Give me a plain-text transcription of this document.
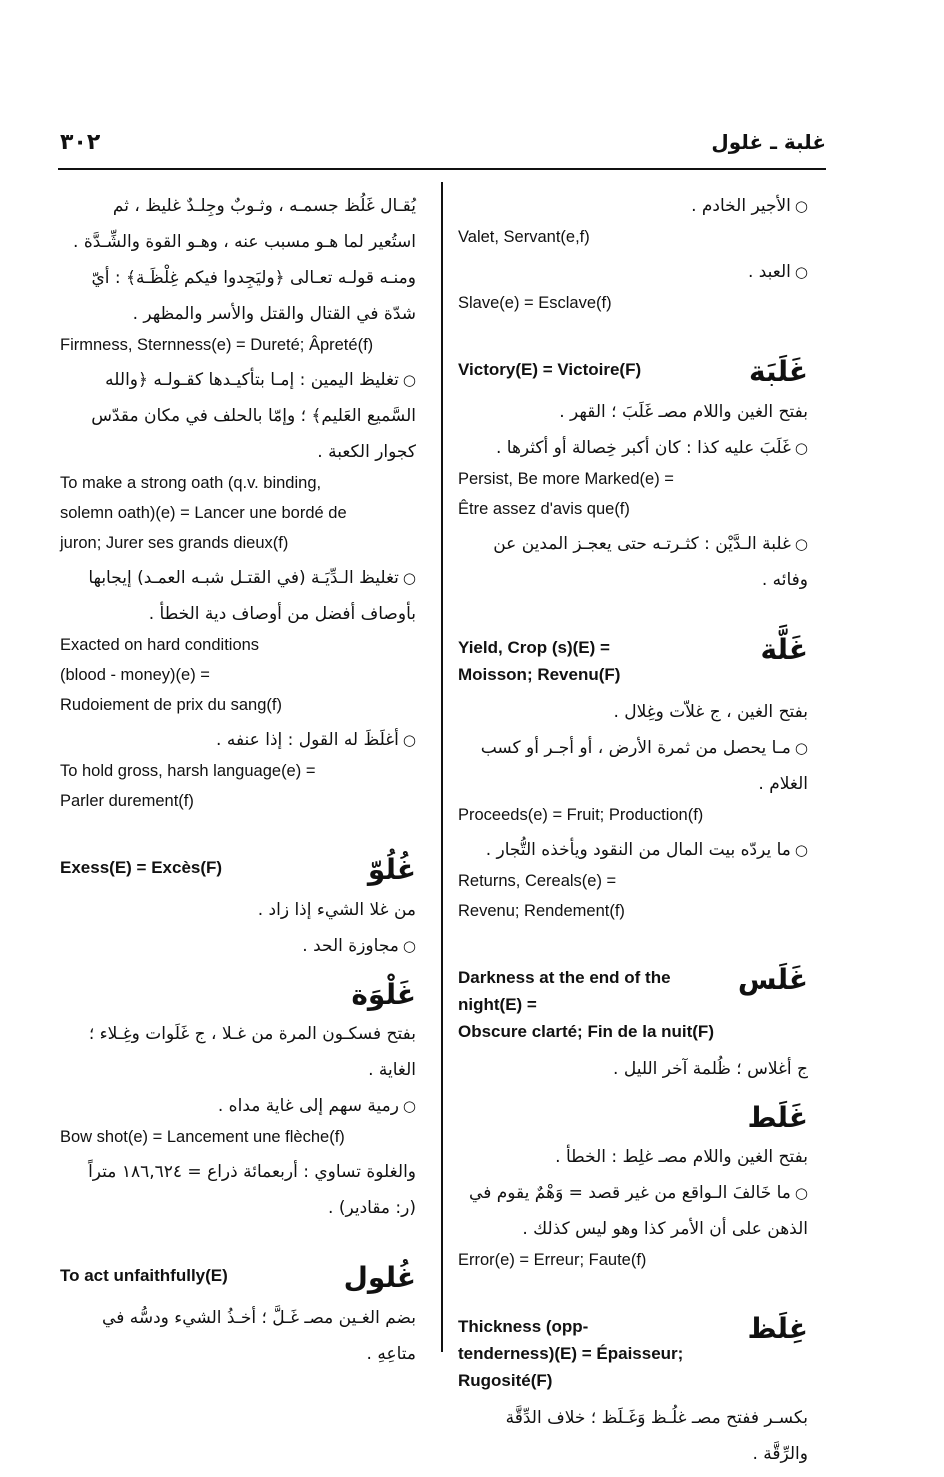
غلبة ـ غلول
٣٠٢
○الأجير الخادم .
Valet, Servant(e,f)
○العبد .
Slave(e) = Esclave(f)
Victory(E) = Victoire(F)	غَلَبَة
بفتح الغين واللام مصـ غَلَبَ ؛ القهر .
○غَلَبَ عليه كذا : كان أكبر خِصالة أو أكثرها .
Persist, Be more Marked(e) =
Être assez d'avis que(f)
○غلبة الـدَّيْن : كثـرتـه حتى يعجـز المدين عن
وفائه .
Yield, Crop (s)(E) =
Moisson; Revenu(F)
غَلَّة
بفتح الغين ، ج غلاّت وغِلال .
○مـا يحصل من ثمرة الأرض ، أو أجـر أو كسب
الغلام .
Proceeds(e) = Fruit; Production(f)
○ما يردّه بيت المال من النقود ويأخذه التُّجار .
Returns, Cereals(e) =
Revenu; Rendement(f)
Darkness at the end of the
night(E) =
Obscure clarté; Fin de la nuit(F)
غَلَس
ج أغلاس ؛ ظُلمة آخر الليل .
غَلَط
بفتح الغين واللام مصـ غلِط : الخطأ .
○ما خَالفَ الـواقع من غير قصد = وَهْمٌ يقوم في
الذهن على أن الأمر كذا وهو ليس كذلك .
Error(e) = Erreur; Faute(f)
Thickness (opp-
tenderness)(E) = Épaisseur;
Rugosité(F)
غِلَظ
بكسـر ففتح مصـ غلُـظ وَغَـلَظ ؛ خلاف الدِّقَّة
والرِّقَّة .
يُقـال غَلُظ جسمـه ، وثـوبٌ وجِلـدٌ غليظ ، ثم
استُعير لما هـو مسبب عنه ، وهـو القوة والشِّـدَّة .
ومنـه قولـه تعـالى ﴿وليَجِدوا فيكم غِلْظَـة﴾ : أيّ
شدّة في القتال والقتل والأسر والمظهر .
Firmness, Sternness(e) = Dureté; Âpreté(f)
○تغليظ اليمين : إمـا بتأكيـدها كقـولـه ﴿والله
السَّميع العَليم﴾ ؛ وإمّا بالحلف في مكان مقدّس
كجوار الكعبة .
To make a strong oath (q.v. binding,
solemn oath)(e) = Lancer une bordé de
juron; Jurer ses grands dieux(f)
○تغليظ الـدِّيَـة (في القتـل شبـه العمـد) إيجابها
بأوصاف أفضل من أوصاف دية الخطأ .
Exacted on hard conditions
(blood - money)(e) =
Rudoiement de prix du sang(f)
○أغلَظَ له القول : إذا عنفه .
To hold gross, harsh language(e) =
Parler durement(f)
Exess(E) = Excès(F)	غُلُوّ
من غلا الشيء إذا زاد .
○مجاوزة الحد .
غَلْوَة
بفتح فسكـون المرة من غـلا ، ج غَلَوات وغِـلاء ؛
الغاية .
○رمية سهم إلى غاية مداه .
Bow shot(e) = Lancement une flèche(f)
والغلوة تساوي : أربعمائة ذراع = ١٨٦,٦٢٤ متراً
(ر: مقادير) .
To act unfaithfully(E)	غُلول
بضم الغـين مصـ غَـلَّ ؛ أخـذُ الشيء ودسُّه في
متاعِهِ .
